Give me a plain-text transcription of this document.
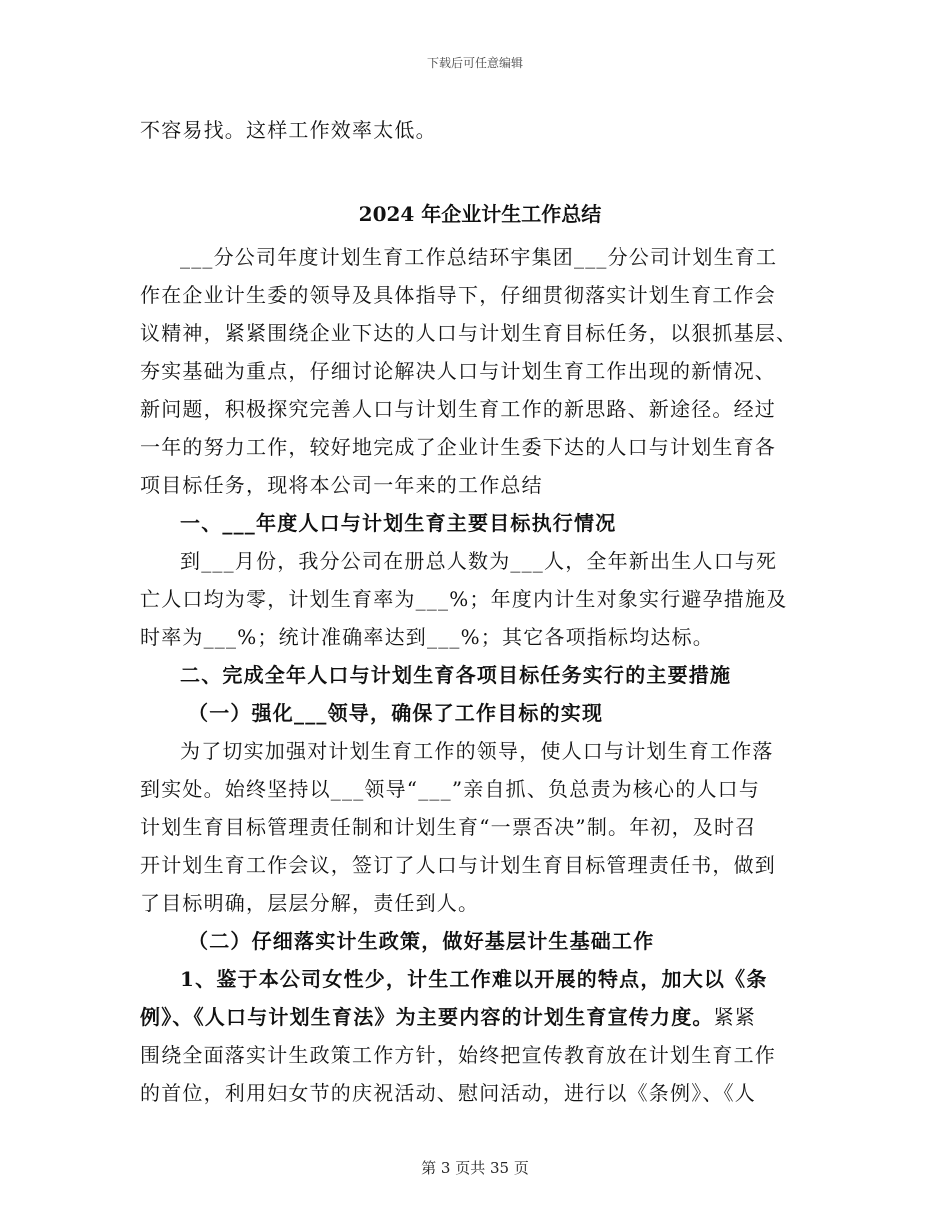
下载后可任意编辑
不容易找。这样工作效率太低。
2024 年企业计生工作总结
___分公司年度计划生育工作总结环宇集团___分公司计划生育工
作在企业计生委的领导及具体指导下，仔细贯彻落实计划生育工作会
议精神，紧紧围绕企业下达的人口与计划生育目标任务，以狠抓基层、
夯实基础为重点，仔细讨论解决人口与计划生育工作出现的新情况、
新问题，积极探究完善人口与计划生育工作的新思路、新途径。经过
一年的努力工作，较好地完成了企业计生委下达的人口与计划生育各
项目标任务，现将本公司一年来的工作总结
一、___年度人口与计划生育主要目标执行情况
到___月份，我分公司在册总人数为___人，全年新出生人口与死
亡人口均为零，计划生育率为___%；年度内计生对象实行避孕措施及
时率为___%；统计准确率达到___%；其它各项指标均达标。
二、完成全年人口与计划生育各项目标任务实行的主要措施
（一）强化___领导，确保了工作目标的实现
为了切实加强对计划生育工作的领导，使人口与计划生育工作落
到实处。始终坚持以___领导“___”亲自抓、负总责为核心的人口与
计划生育目标管理责任制和计划生育“一票否决”制。年初，及时召
开计划生育工作会议，签订了人口与计划生育目标管理责任书，做到
了目标明确，层层分解，责任到人。
（二）仔细落实计生政策，做好基层计生基础工作
1、鉴于本公司女性少，计生工作难以开展的特点，加大以《条
例》、《人口与计划生育法》为主要内容的计划生育宣传力度。紧紧
围绕全面落实计生政策工作方针，始终把宣传教育放在计划生育工作
的首位，利用妇女节的庆祝活动、慰问活动，进行以《条例》、《人
第 3 页共 35 页
